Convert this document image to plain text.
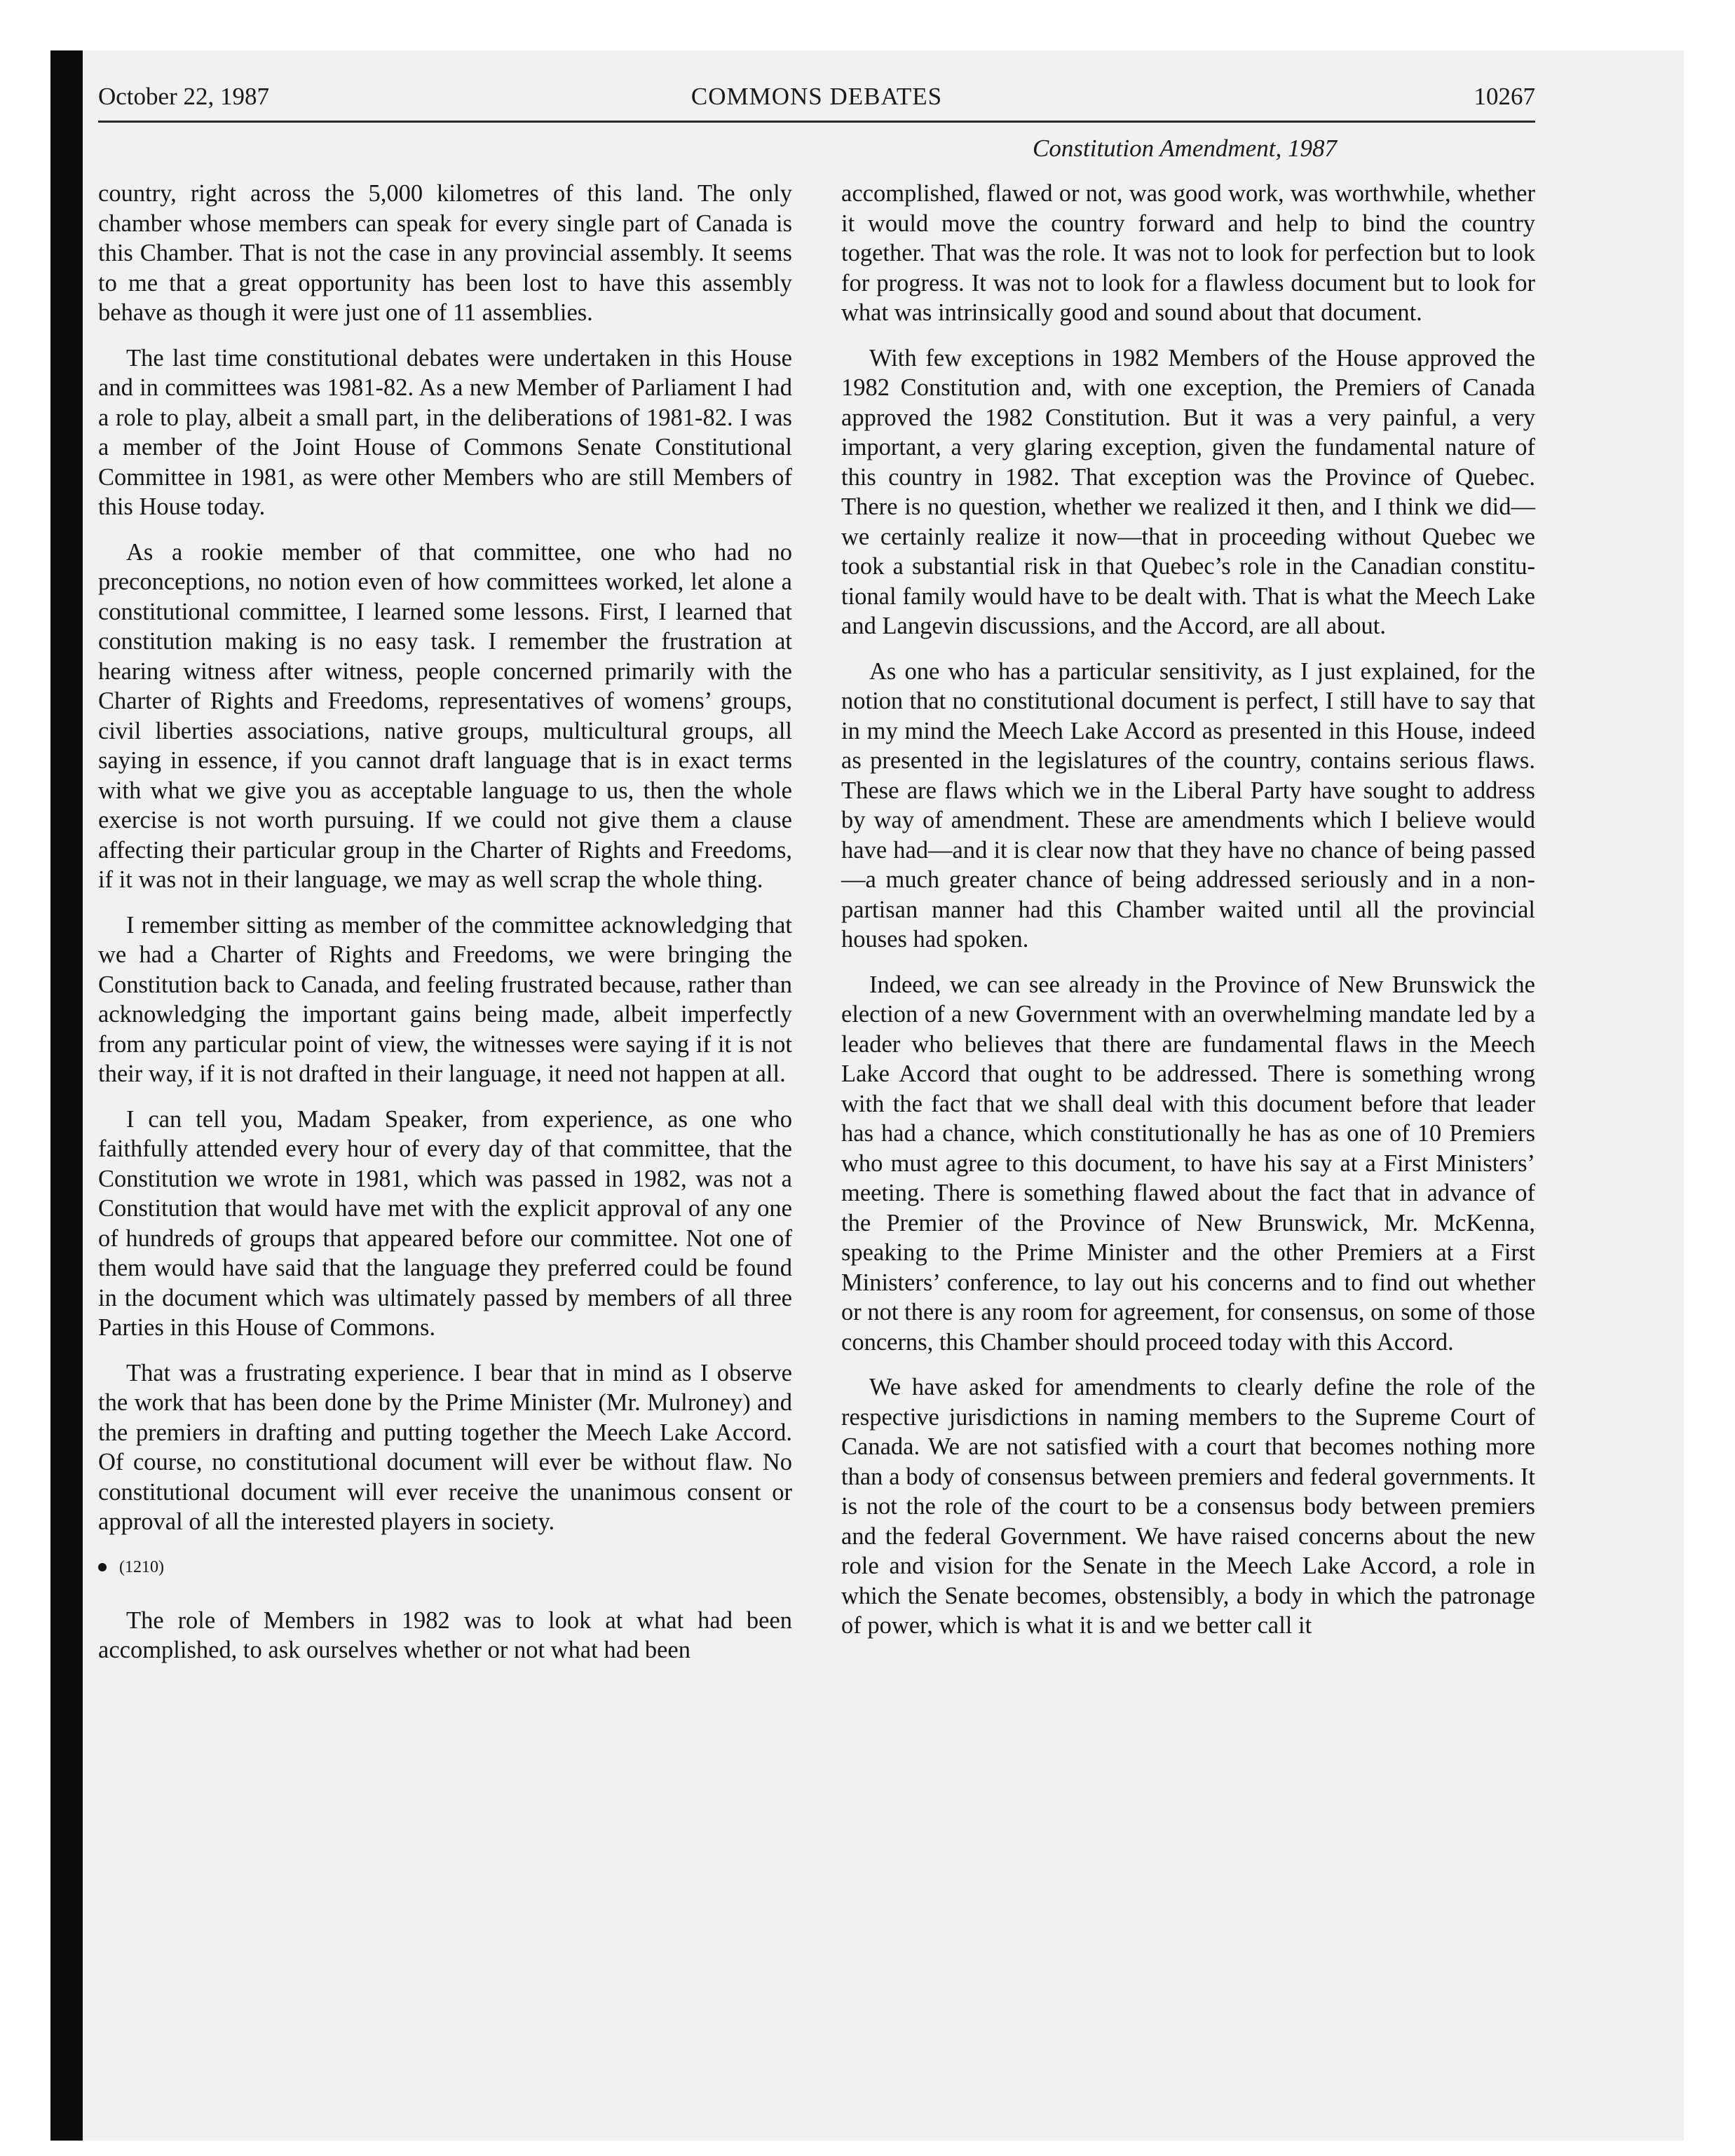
October 22, 1987	COMMONS DEBATES	10267
Constitution Amendment, 1987

country, right across the 5,000 kilometres of this land. The only chamber whose members can speak for every single part of Canada is this Chamber. That is not the case in any provincial assembly. It seems to me that a great opportunity has been lost to have this assembly behave as though it were just one of 11 assemblies.

The last time constitutional debates were undertaken in this House and in committees was 1981-82. As a new Member of Parliament I had a role to play, albeit a small part, in the deliberations of 1981-82. I was a member of the Joint House of Commons Senate Constitutional Committee in 1981, as were other Members who are still Members of this House today.

As a rookie member of that committee, one who had no preconceptions, no notion even of how committees worked, let alone a constitutional committee, I learned some lessons. First, I learned that constitution making is no easy task. I remember the frustration at hearing witness after witness, people concerned primarily with the Charter of Rights and Freedoms, representatives of womens’ groups, civil liberties associations, native groups, multicultural groups, all saying in essence, if you cannot draft language that is in exact terms with what we give you as acceptable language to us, then the whole exercise is not worth pursuing. If we could not give them a clause affecting their particular group in the Charter of Rights and Freedoms, if it was not in their language, we may as well scrap the whole thing.

I remember sitting as member of the committee acknowledging that we had a Charter of Rights and Freedoms, we were bringing the Constitution back to Canada, and feeling frustrated because, rather than acknowledging the important gains being made, albeit imperfectly from any particular point of view, the witnesses were saying if it is not their way, if it is not drafted in their language, it need not happen at all.

I can tell you, Madam Speaker, from experience, as one who faithfully attended every hour of every day of that committee, that the Constitution we wrote in 1981, which was passed in 1982, was not a Constitution that would have met with the explicit approval of any one of hundreds of groups that appeared before our committee. Not one of them would have said that the language they preferred could be found in the document which was ultimately passed by members of all three Parties in this House of Commons.

That was a frustrating experience. I bear that in mind as I observe the work that has been done by the Prime Minister (Mr. Mulroney) and the premiers in drafting and putting together the Meech Lake Accord. Of course, no constitutional document will ever be without flaw. No constitutional document will ever receive the unanimous consent or approval of all the interested players in society.

(1210)

The role of Members in 1982 was to look at what had been accomplished, to ask ourselves whether or not what had been

accomplished, flawed or not, was good work, was worthwhile, whether it would move the country forward and help to bind the country together. That was the role. It was not to look for perfection but to look for progress. It was not to look for a flawless document but to look for what was intrinsically good and sound about that document.

With few exceptions in 1982 Members of the House approved the 1982 Constitution and, with one exception, the Premiers of Canada approved the 1982 Constitution. But it was a very painful, a very important, a very glaring exception, given the fundamental nature of this country in 1982. That exception was the Province of Quebec. There is no question, whether we realized it then, and I think we did—we certainly realize it now—that in proceeding without Quebec we took a substantial risk in that Quebec’s role in the Canadian constitutional family would have to be dealt with. That is what the Meech Lake and Langevin discussions, and the Accord, are all about.

As one who has a particular sensitivity, as I just explained, for the notion that no constitutional document is perfect, I still have to say that in my mind the Meech Lake Accord as presented in this House, indeed as presented in the legislatures of the country, contains serious flaws. These are flaws which we in the Liberal Party have sought to address by way of amendment. These are amendments which I believe would have had—and it is clear now that they have no chance of being passed—a much greater chance of being addressed seriously and in a non-partisan manner had this Chamber waited until all the provincial houses had spoken.

Indeed, we can see already in the Province of New Brunswick the election of a new Government with an overwhelming mandate led by a leader who believes that there are fundamental flaws in the Meech Lake Accord that ought to be addressed. There is something wrong with the fact that we shall deal with this document before that leader has had a chance, which constitutionally he has as one of 10 Premiers who must agree to this document, to have his say at a First Ministers’ meeting. There is something flawed about the fact that in advance of the Premier of the Province of New Brunswick, Mr. McKenna, speaking to the Prime Minister and the other Premiers at a First Ministers’ conference, to lay out his concerns and to find out whether or not there is any room for agreement, for consensus, on some of those concerns, this Chamber should proceed today with this Accord.

We have asked for amendments to clearly define the role of the respective jurisdictions in naming members to the Supreme Court of Canada. We are not satisfied with a court that becomes nothing more than a body of consensus between premiers and federal governments. It is not the role of the court to be a consensus body between premiers and the federal Government. We have raised concerns about the new role and vision for the Senate in the Meech Lake Accord, a role in which the Senate becomes, obstensibly, a body in which the patronage of power, which is what it is and we better call it
